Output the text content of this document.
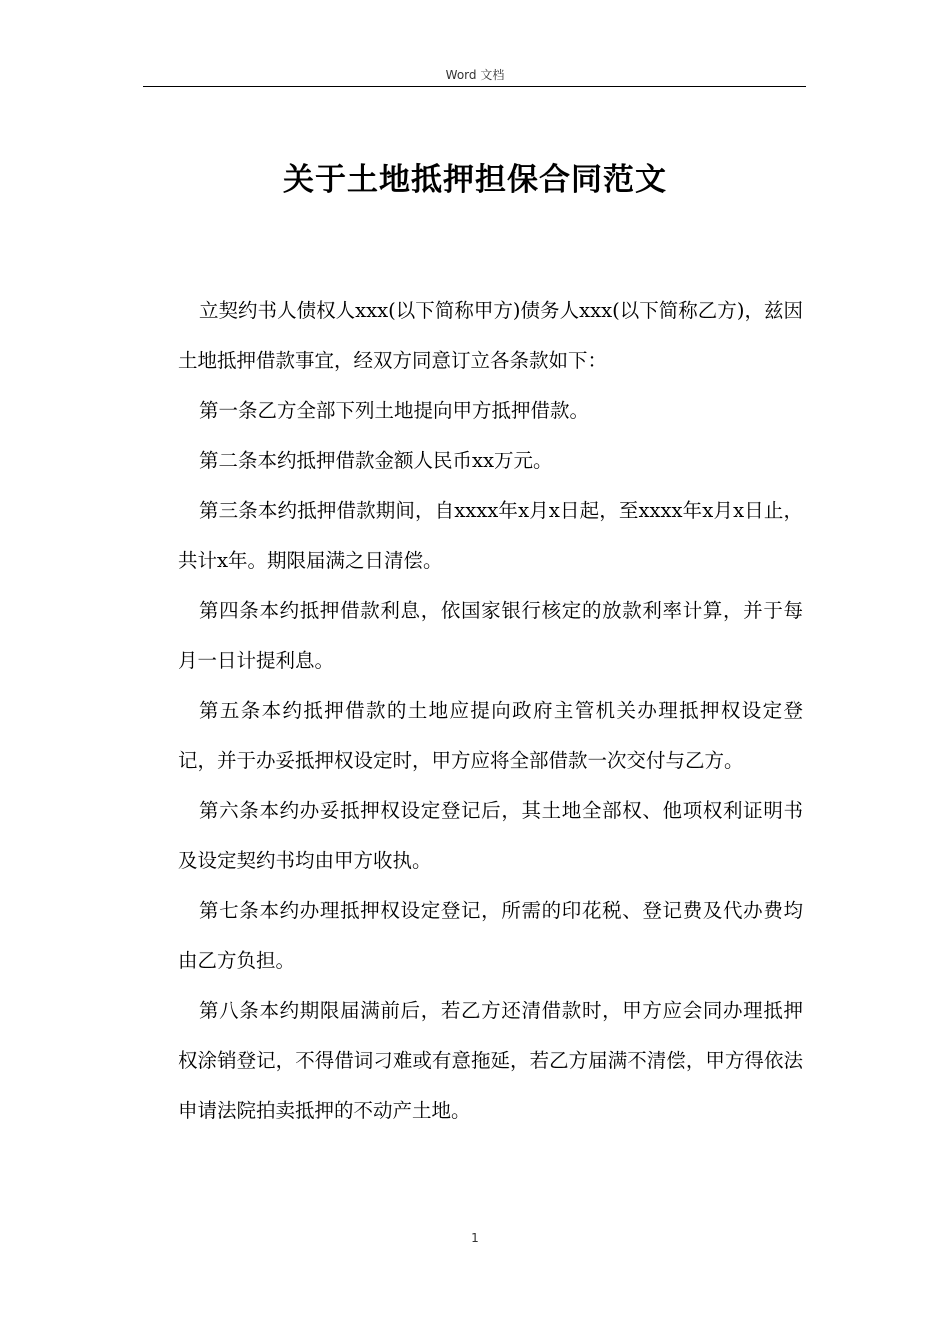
Word 文档
关于土地抵押担保合同范文

立契约书人债权人xxx(以下简称甲方)债务人xxx(以下简称乙方)，兹因土地抵押借款事宜，经双方同意订立各条款如下：

第一条乙方全部下列土地提向甲方抵押借款。

第二条本约抵押借款金额人民币xx万元。

第三条本约抵押借款期间，自xxxx年x月x日起，至xxxx年x月x日止，共计x年。期限届满之日清偿。

第四条本约抵押借款利息，依国家银行核定的放款利率计算，并于每月一日计提利息。

第五条本约抵押借款的土地应提向政府主管机关办理抵押权设定登记，并于办妥抵押权设定时，甲方应将全部借款一次交付与乙方。

第六条本约办妥抵押权设定登记后，其土地全部权、他项权利证明书及设定契约书均由甲方收执。

第七条本约办理抵押权设定登记，所需的印花税、登记费及代办费均由乙方负担。

第八条本约期限届满前后，若乙方还清借款时，甲方应会同办理抵押权涂销登记，不得借词刁难或有意拖延，若乙方届满不清偿，甲方得依法申请法院拍卖抵押的不动产土地。

1
